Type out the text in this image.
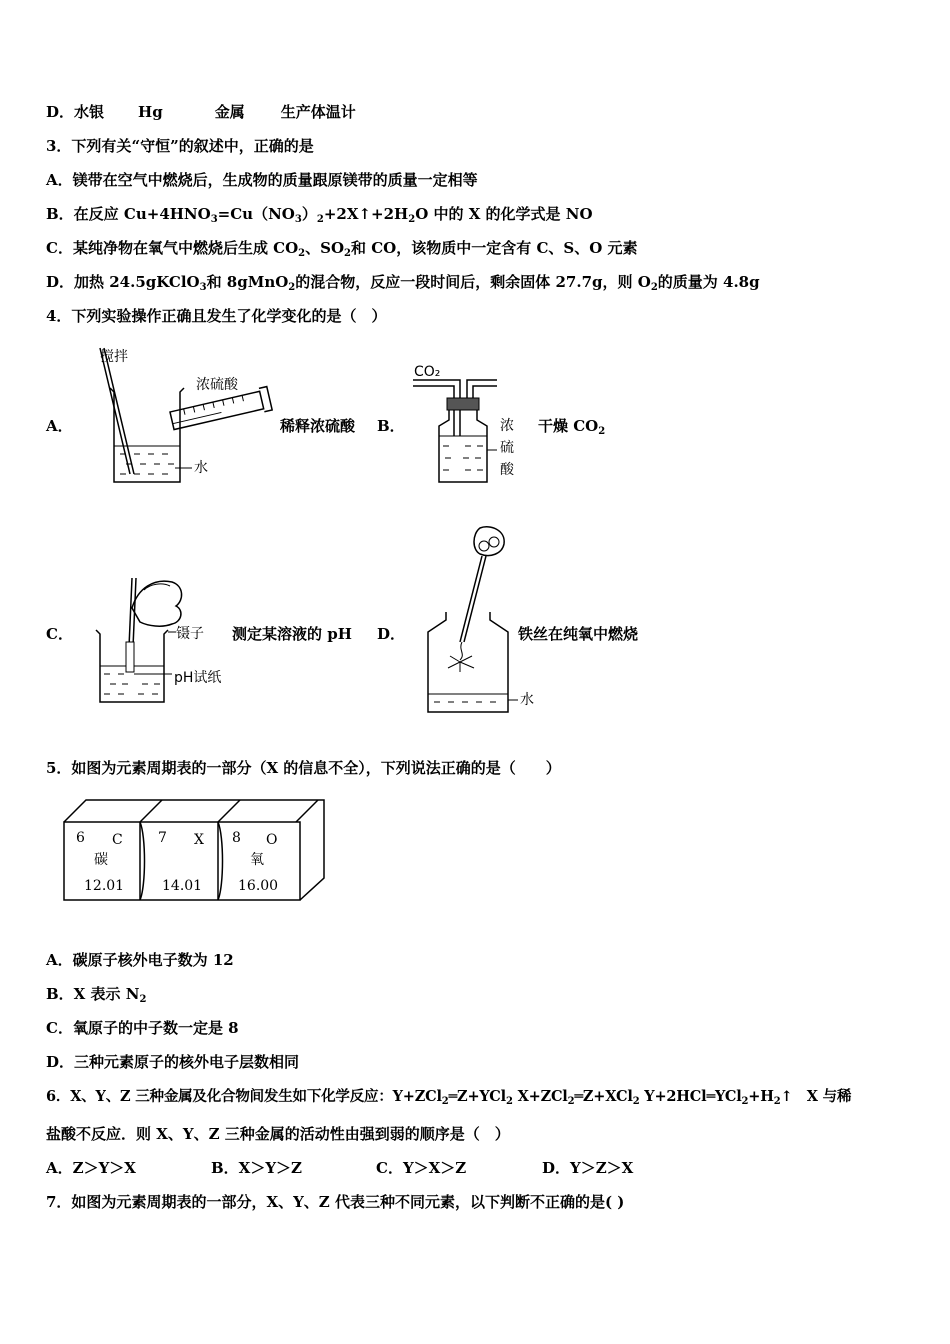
D．水银 Hg	金属 生产体温计
3．下列有关“守恒”的叙述中，正确的是
A．镁带在空气中燃烧后，生成物的质量跟原镁带的质量一定相等
B．在反应 $Cu+4HNO_3=Cu(NO_3)_2+2X↑+2H_2O$ 中的 X 的化学式是 NO
C．某纯净物在氧气中燃烧后生成 $CO_2$、$SO_2$和 CO，该物质中一定含有 C、S、O 元素
D．加热 24.5gKClO$_3$和 8gMnO$_2$的混合物，反应一段时间后，剩余固体 27.7g，则 $O_2$的质量为 4.8g
4．下列实验操作正确且发生了化学变化的是（　）
A．
搅拌
浓硫酸
水
稀释浓硫酸 B．
CO₂
浓
硫
酸
干燥 $CO_2$
C．	镊子
pH试纸
测定某溶液的 pH D．
水
铁丝在纯氧中燃烧
5．如图为元素周期表的一部分（X 的信息不全），下列说法正确的是（　　）
6 C
碳
12.01
7 X
14.01
8 O
氧
16.00
A．碳原子核外电子数为 12
B．X 表示 $N_2$
C．氧原子的中子数一定是 8
D．三种元素原子的核外电子层数相同
6．X、Y、Z 三种金属及化合物间发生如下化学反应：Y+ZCl$_2$═Z+YCl$_2$ X+ZCl$_2$═Z+XCl$_2$ $Y+2HCl═YCl_2+H_2↑$　X 与稀
盐酸不反应．则 X、Y、Z 三种金属的活动性由强到弱的顺序是（　）
A．Z＞Y＞X	B．X＞Y＞Z	C．Y＞X＞Z	D．Y＞Z＞X
7．如图为元素周期表的一部分，X、Y、Z 代表三种不同元素，以下判断不正确的是( )
